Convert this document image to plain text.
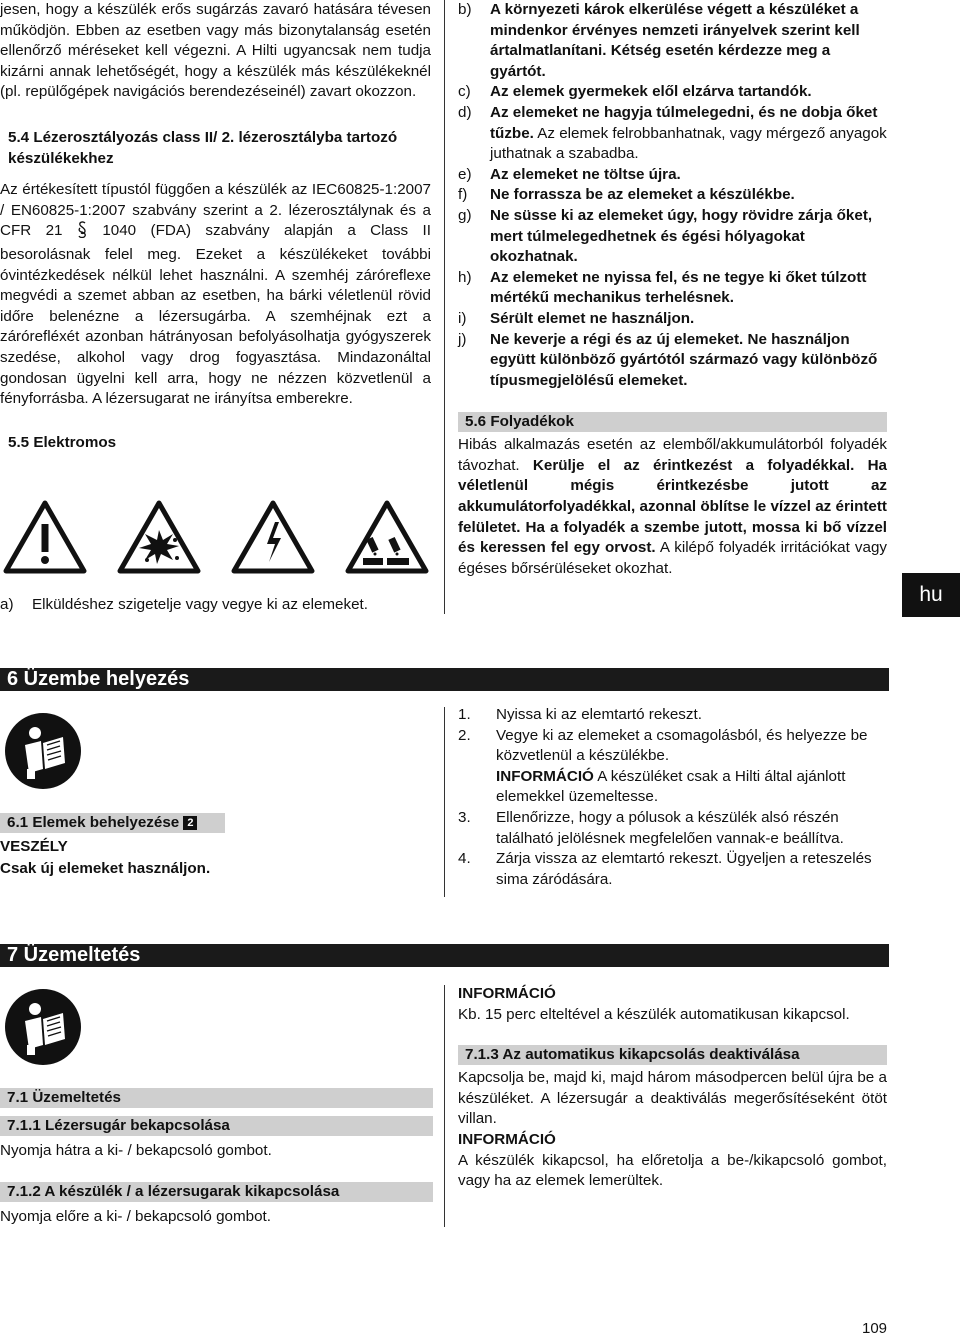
jesen, hogy a készülék erős sugárzás zavaró hatására tévesen működjön. Ebben az esetben vagy más bizonytalanság esetén ellenőrző méréseket kell végezni. A Hilti ugyancsak nem tudja kizárni annak lehetőségét, hogy a készülék más készülékeknél (pl. repülőgépek navigációs berendezéseinél) zavart okozzon.

5.4 Lézerosztályozás class II/ 2. lézerosztályba tartozó készülékekhez

Az értékesített típustól függően a készülék az IEC60825-1:2007 / EN60825-1:2007 szabvány szerint a 2. lézerosztálynak és a CFR 21	1040 (FDA) szabvány alapján a Class II besorolásnak felel meg. Ezeket a készülékeket további óvintézkedések nélkül lehet használni. A szemhéj záróreflexe megvédi a szemet abban az esetben, ha bárki véletlenül rövid időre belenézne a lézersugárba. A szemhéjnak ezt a zárórefléxét azonban hátrányosan befolyásolhatja gyógyszerek szedése, alkohol vagy drog fogyasztása. Mindazonáltal gondosan ügyelni kell arra, hogy ne nézzen közvetlenül a fényforrásba. A lézersugarat ne irányítsa emberekre.

5.5 Elektromos

a) Elküldéshez szigetelje vagy vegye ki az elemeket.
b) A környezeti károk elkerülése végett a készüléket a mindenkor érvényes nemzeti irányelvek szerint kell ártalmatlanítani. Kétség esetén kérdezze meg a gyártót.
c) Az elemek gyermekek elől elzárva tartandók.
d) Az elemeket ne hagyja túlmelegedni, és ne dobja őket tűzbe. Az elemek felrobbanhatnak, vagy mérgező anyagok juthatnak a szabadba.
e) Az elemeket ne töltse újra.
f) Ne forrassza be az elemeket a készülékbe.
g) Ne süsse ki az elemeket úgy, hogy rövidre zárja őket, mert túlmelegedhetnek és égési hólyagokat okozhatnak.
h) Az elemeket ne nyissa fel, és ne tegye ki őket túlzott mértékű mechanikus terhelésnek.
i) Sérült elemet ne használjon.
j) Ne keverje a régi és az új elemeket. Ne használjon együtt különböző gyártótól származó vagy különböző típusmegjelölésű elemeket.
5.6 Folyadékok

Hibás alkalmazás esetén az elemből/akkumulátorból folyadék távozhat. Kerülje el az érintkezést a folyadékkal. Ha véletlenül mégis érintkezésbe jutott az akkumulátorfolyadékkal, azonnal öblítse le vízzel az érintett felületet. Ha a folyadék a szembe jutott, mossa ki bő vízzel és keressen fel egy orvost. A kilépő folyadék irritációkat vagy égéses bőrsérüléseket okozhat.

hu
6 Üzembe helyezés
6.1 Elemek behelyezése 2

VESZÉLY

Csak új elemeket használjon.

1. Nyissa ki az elemtartó rekeszt.
2. Vegye ki az elemeket a csomagolásból, és helyezze be közvetlenül a készülékbe.
INFORMÁCIÓ A készüléket csak a Hilti által ajánlott elemekkel üzemeltesse.
3. Ellenőrizze, hogy a pólusok a készülék alsó részén található jelölésnek megfelelően vannak-e beállítva.
4. Zárja vissza az elemtartó rekeszt. Ügyeljen a reteszelés sima záródására.
7 Üzemeltetés
7.1 Üzemeltetés
7.1.1 Lézersugár bekapcsolása
Nyomja hátra a ki- / bekapcsoló gombot.
7.1.2 A készülék / a lézersugarak kikapcsolása
Nyomja előre a ki- / bekapcsoló gombot.

INFORMÁCIÓ

Kb. 15 perc elteltével a készülék automatikusan kikapcsol.

7.1.3 Az automatikus kikapcsolás deaktiválása

Kapcsolja be, majd ki, majd három másodpercen belül újra be a készüléket. A lézersugár a deaktiválás megerősítéseként ötöt villan.

INFORMÁCIÓ

A készülék kikapcsol, ha előretolja a be-/kikapcsoló gombot, vagy ha az elemek lemerültek.

109
